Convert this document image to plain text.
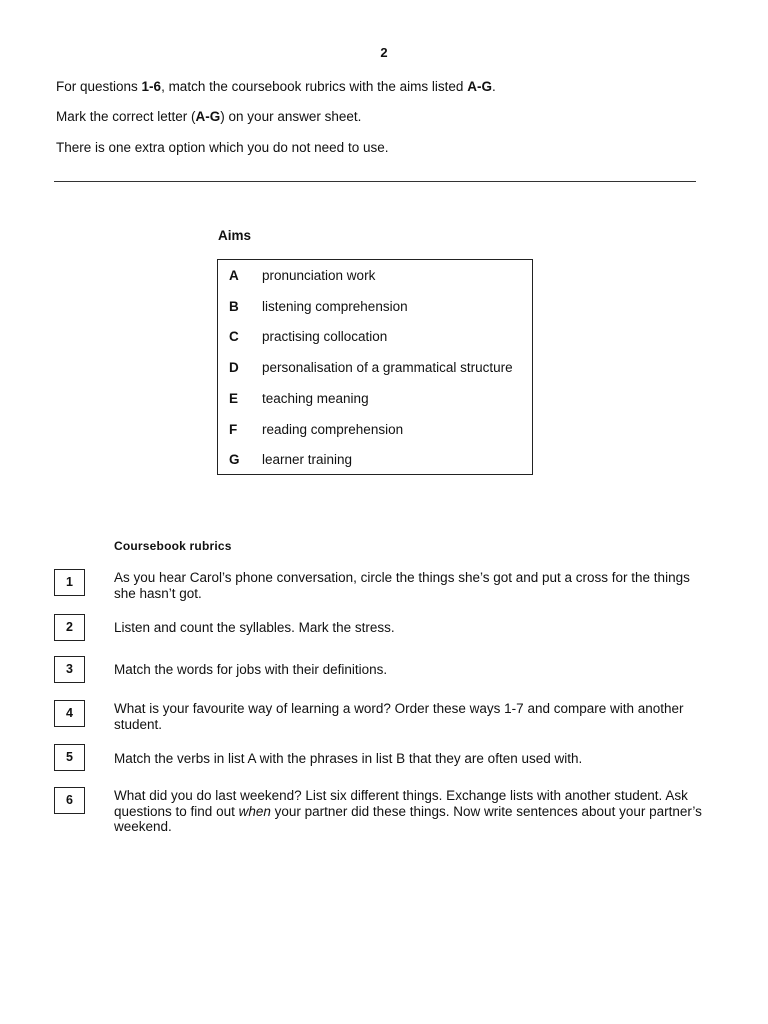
2
For questions 1-6, match the coursebook rubrics with the aims listed A-G.
Mark the correct letter (A-G) on your answer sheet.
There is one extra option which you do not need to use.
Aims
A pronunciation work
B listening comprehension
C practising collocation
D personalisation of a grammatical structure
E teaching meaning
F reading comprehension
G learner training
Coursebook rubrics
1	As you hear Carol’s phone conversation, circle the things she’s got and put a cross for the things she hasn’t got.
2	Listen and count the syllables. Mark the stress.
3	Match the words for jobs with their definitions.
4	What is your favourite way of learning a word? Order these ways 1-7 and compare with another student.
5	Match the verbs in list A with the phrases in list B that they are often used with.
6	What did you do last weekend? List six different things. Exchange lists with another student. Ask questions to find out when your partner did these things. Now write sentences about your partner’s weekend.
